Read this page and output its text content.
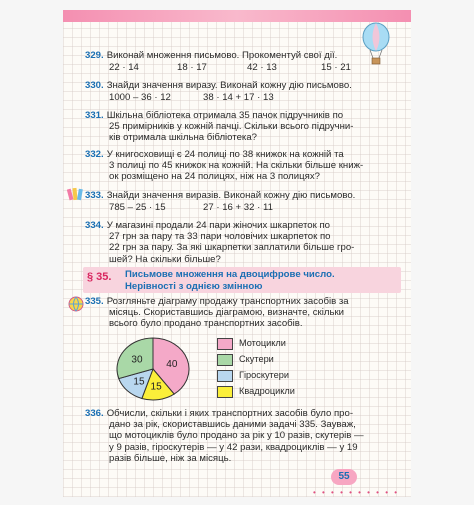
329. Виконай множення письмово. Прокоментуй свої дії.
22 · 14	18 · 17	42 · 13	15 · 21
330. Знайди значення виразу. Виконай кожну дію письмово.
1000 – 36 · 12	38 · 14 + 17 · 13
331. Шкільна бібліотека отримала 35 пачок підручників по
25 примірників у кожній пачці. Скільки всього підручни-
ків отримала шкільна бібліотека?
332. У книгосховищі є 24 полиці по 38 книжок на кожній та
3 полиці по 45 книжок на кожній. На скільки більше книж-
ок розміщено на 24 полицях, ніж на 3 полицях?
333. Знайди значення виразів. Виконай кожну дію письмово.
785 – 25 · 15	27 · 16 + 32 · 11
334. У магазині продали 24 пари жіночих шкарпеток по
27 грн за пару та 33 пари чоловічих шкарпеток по
22 грн за пару. За які шкарпетки заплатили більше гро-
шей? На скільки більше?
§ 35. Письмове множення на двоцифрове число.
Нерівності з однією змінною
335. Розгляньте діаграму продажу транспортних засобів за
місяць. Скориставшись діаграмою, визначте, скільки
всього було продано транспортних засобів.
40
15
15
30
Мотоцикли
Скутери
Гіроскутери
Квадроцикли
336. Обчисли, скільки і яких транспортних засобів було про-
дано за рік, скориставшись даними задачі 335. Зауваж,
що мотоциклів було продано за рік у 10 разів, скутерів —
у 9 разів, гіроскутерів — у 42 рази, квадроциклів — у 19
разів більше, ніж за місяць.
55
• • • • • • • • • •
